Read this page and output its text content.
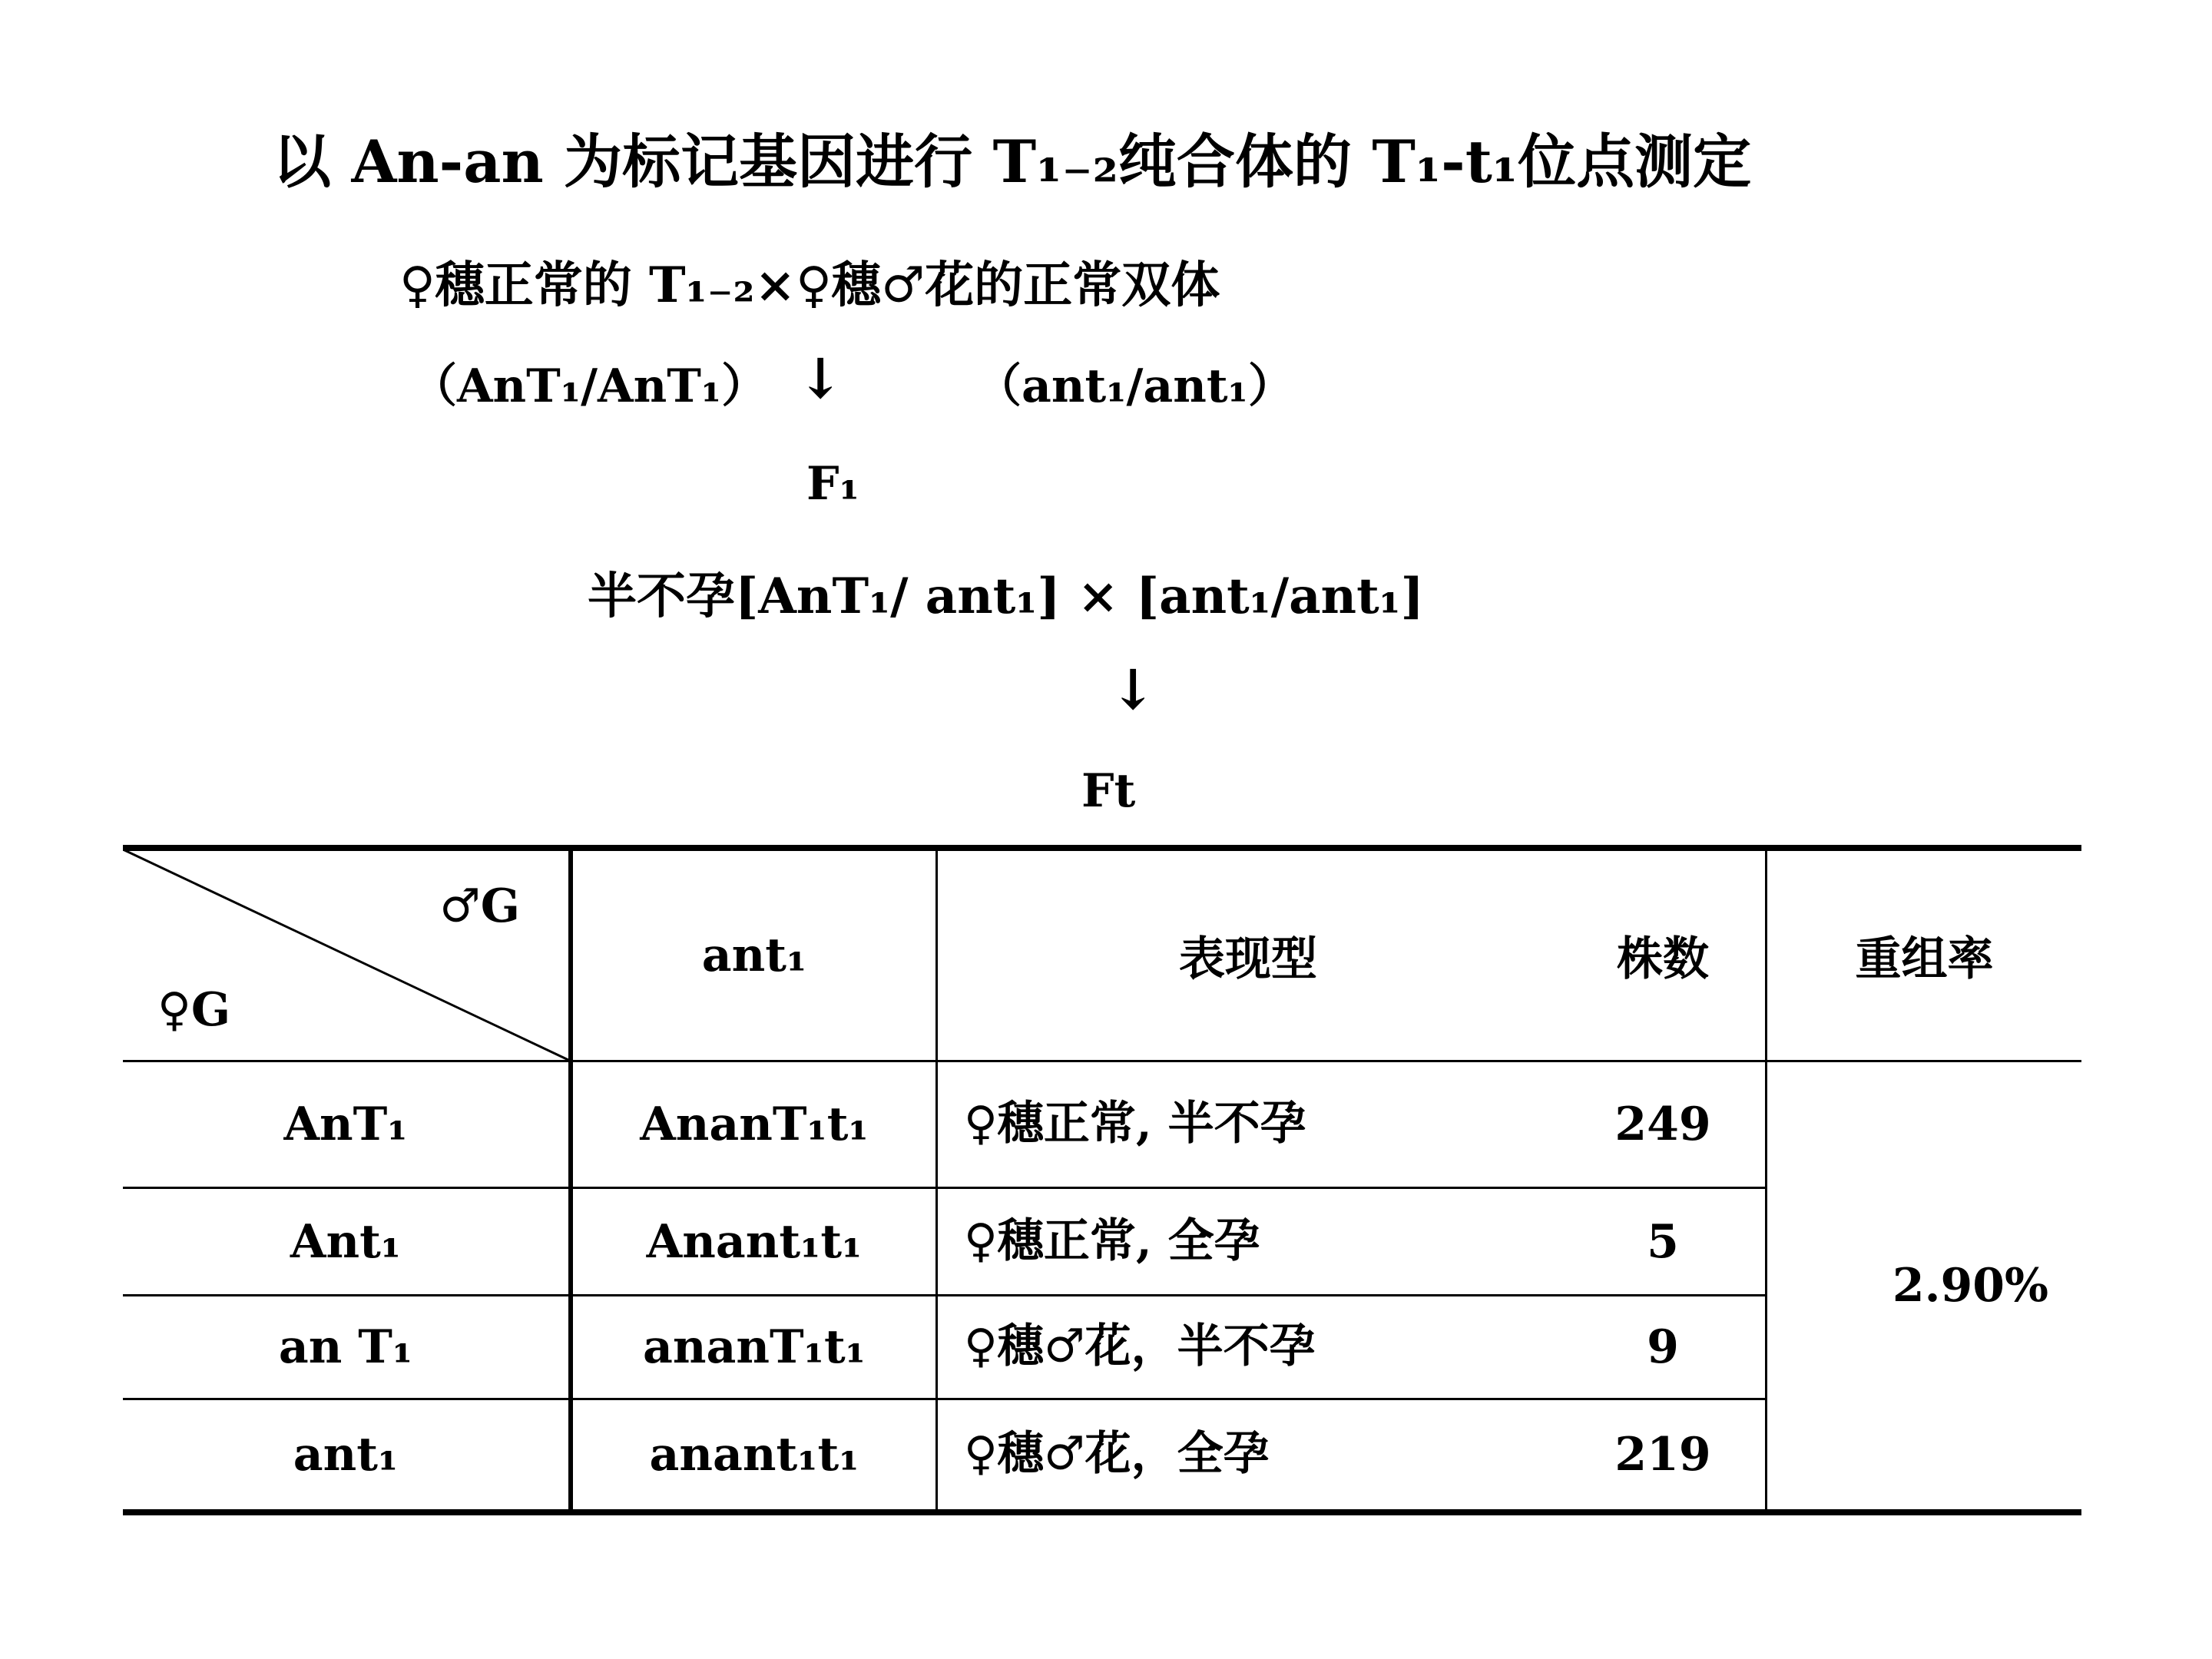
以 An-an 为标记基因进行 T₁₋₂纯合体的 T₁-t₁位点测定
♀穗正常的 T₁₋₂×♀穗♂花的正常双体
（AnT₁/AnT₁） ↓	（ant₁/ant₁）
F₁
半不孕[AnT₁/ ant₁] × [ant₁/ant₁]
↓
Ft
♂G
♀G
ant₁	表现型	株数	重组率
AnT₁	AnanT₁t₁	♀穗正常, 半不孕	249
Ant₁	Anant₁t₁	♀穗正常, 全孕	5
an T₁	ananT₁t₁	♀穗♂花，半不孕	9
ant₁	anant₁t₁	♀穗♂花，全孕	219
2.90%
